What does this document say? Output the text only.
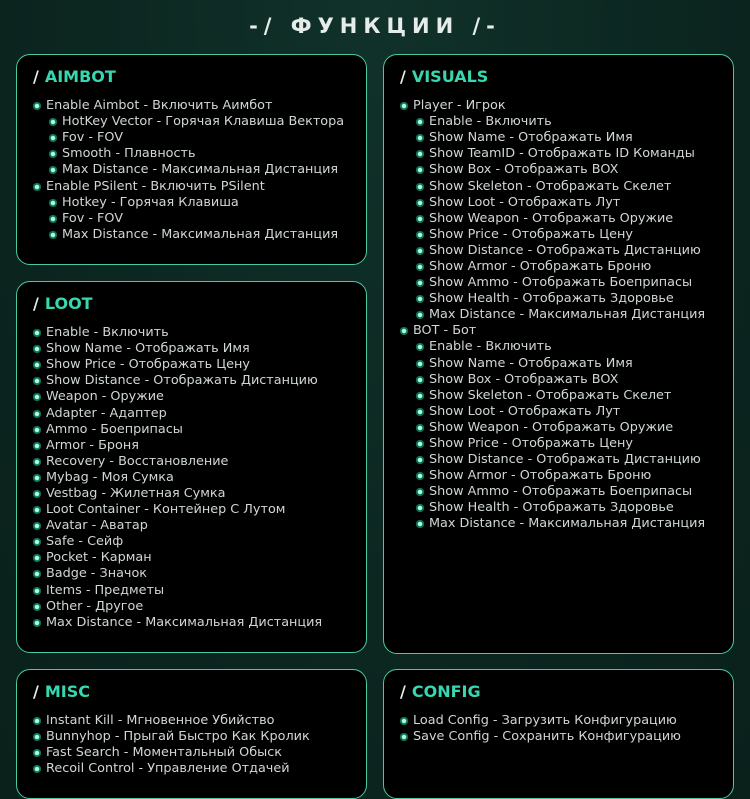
-/ ФУНКЦИИ /-
/ AIMBOT
Enable Aimbot - Включить Аимбот
HotKey Vector - Горячая Клавиша Вектора
Fov - FOV
Smooth - Плавность
Max Distance - Максимальная Дистанция
Enable PSilent - Включить PSilent
Hotkey - Горячая Клавиша
Fov - FOV
Max Distance - Максимальная Дистанция
/ VISUALS
Player - Игрок
Enable - Включить
Show Name - Отображать Имя
Show TeamID - Отображать ID Команды
Show Box - Отображать BOX
Show Skeleton - Отображать Скелет
Show Loot - Отображать Лут
Show Weapon - Отображать Оружие
Show Price - Отображать Цену
Show Distance - Отображать Дистанцию
Show Armor - Отображать Броню
Show Ammo - Отображать Боеприпасы
Show Health - Отображать Здоровье
Max Distance - Максимальная Дистанция
BOT - Бот
Enable - Включить
Show Name - Отображать Имя
Show Box - Отображать BOX
Show Skeleton - Отображать Скелет
Show Loot - Отображать Лут
Show Weapon - Отображать Оружие
Show Price - Отображать Цену
Show Distance - Отображать Дистанцию
Show Armor - Отображать Броню
Show Ammo - Отображать Боеприпасы
Show Health - Отображать Здоровье
Max Distance - Максимальная Дистанция
/ LOOT
Enable - Включить
Show Name - Отображать Имя
Show Price - Отображать Цену
Show Distance - Отображать Дистанцию
Weapon - Оружие
Adapter - Адаптер
Ammo - Боеприпасы
Armor - Броня
Recovery - Восстановление
Mybag - Моя Сумка
Vestbag - Жилетная Сумка
Loot Container - Контейнер С Лутом
Avatar - Аватар
Safe - Сейф
Pocket - Карман
Badge - Значок
Items - Предметы
Other - Другое
Max Distance - Максимальная Дистанция
/ MISC
Instant Kill - Мгновенное Убийство
Bunnyhop - Прыгай Быстро Как Кролик
Fast Search - Моментальный Обыск
Recoil Control - Управление Отдачей
/ CONFIG
Load Config - Загрузить Конфигурацию
Save Config - Сохранить Конфигурацию
